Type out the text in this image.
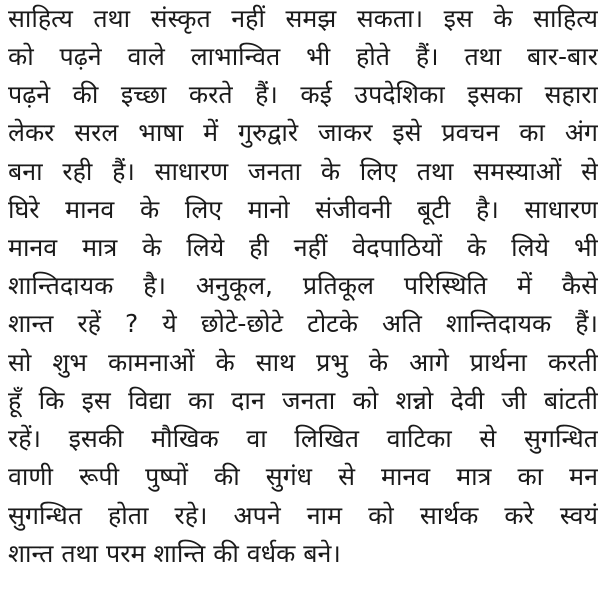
साहित्य तथा संस्कृत नहीं समझ सकता। इस के साहित्य
को पढ़ने वाले लाभान्वित भी होते हैं। तथा बार-बार
पढ़ने की इच्छा करते हैं। कई उपदेशिका इसका सहारा
लेकर सरल भाषा में गुरुद्वारे जाकर इसे प्रवचन का अंग
बना रही हैं। साधारण जनता के लिए तथा समस्याओं से
घिरे मानव के लिए मानो संजीवनी बूटी है। साधारण
मानव मात्र के लिये ही नहीं वेदपाठियों के लिये भी
शान्तिदायक है। अनुकूल, प्रतिकूल परिस्थिति में कैसे
शान्त रहें ? ये छोटे-छोटे टोटके अति शान्तिदायक हैं।
सो शुभ कामनाओं के साथ प्रभु के आगे प्रार्थना करती
हूँ कि इस विद्या का दान जनता को शन्नो देवी जी बांटती
रहें। इसकी मौखिक वा लिखित वाटिका से सुगन्धित
वाणी रूपी पुष्पों की सुगंध से मानव मात्र का मन
सुगन्धित होता रहे। अपने नाम को सार्थक करे स्वयं
शान्त तथा परम शान्ति की वर्धक बने।
